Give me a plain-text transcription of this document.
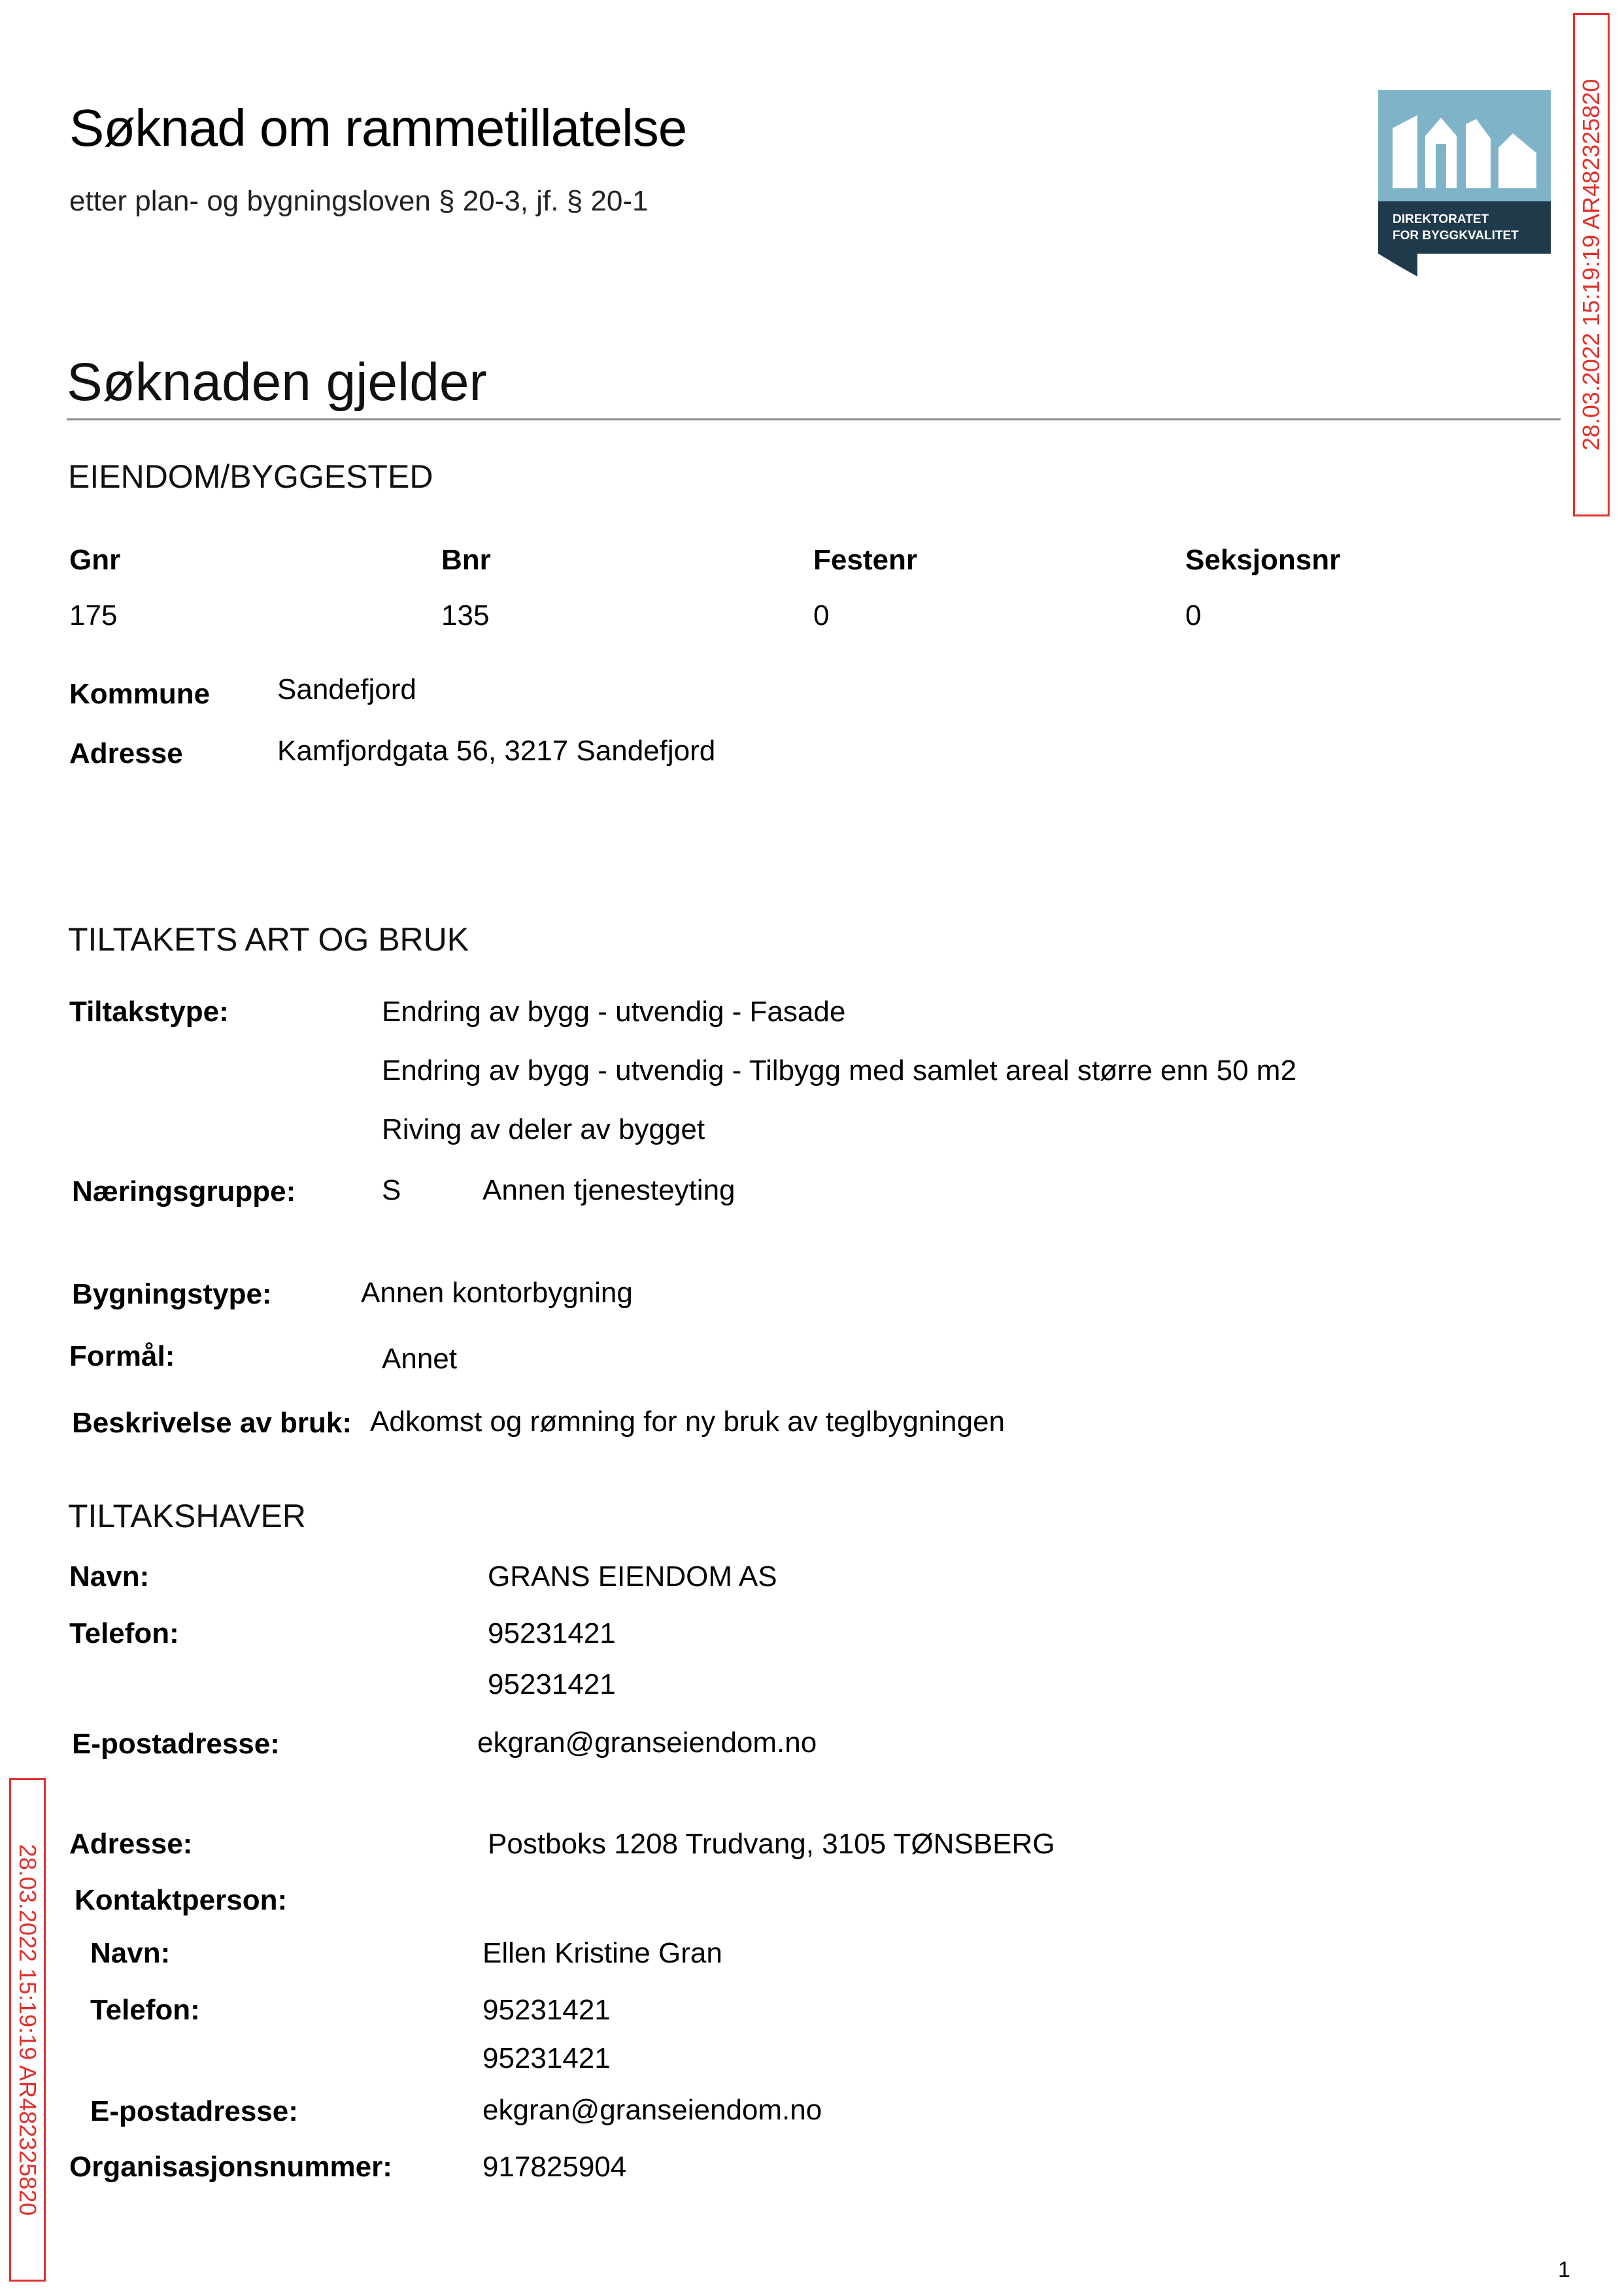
Søknad om rammetillatelse
etter plan- og bygningsloven § 20-3, jf. § 20-1
DIREKTORATET
FOR BYGGKVALITET	28.03.2022 15:19:19 AR482325820
28.03.2022 15:19:19 AR482325820
Søknaden gjelder
EIENDOM/BYGGESTED
Gnr	Bnr	Festenr	Seksjonsnr
175	135	0	0
Kommune Sandefjord
Adresse	Kamfjordgata 56, 3217 Sandefjord
TILTAKETS ART OG BRUK
Tiltakstype:	Endring av bygg - utvendig - Fasade
Endring av bygg - utvendig - Tilbygg med samlet areal større enn 50 m2
Riving av deler av bygget
Næringsgruppe:	S	Annen tjenesteyting
Bygningstype:	Annen kontorbygning
Formål:	Annet
Beskrivelse av bruk: Adkomst og rømning for ny bruk av teglbygningen
TILTAKSHAVER
Navn:	GRANS EIENDOM AS
Telefon:	95231421
95231421
E-postadresse:	ekgran@granseiendom.no
Adresse:	Postboks 1208 Trudvang, 3105 TØNSBERG
Kontaktperson:
Navn:	Ellen Kristine Gran
Telefon:	95231421
95231421
E-postadresse:	ekgran@granseiendom.no
Organisasjonsnummer:	917825904
1
